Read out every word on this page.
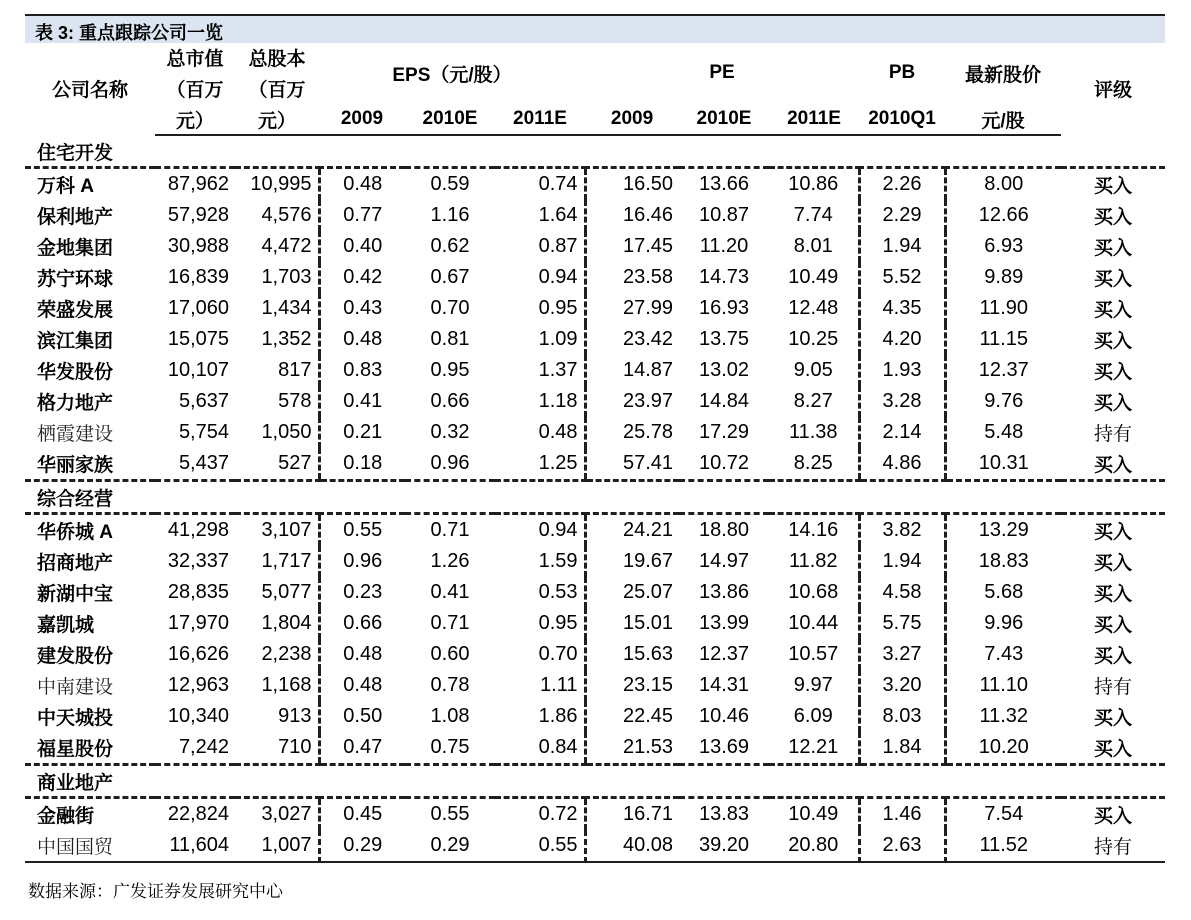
表 3: 重点跟踪公司一览
公司名称	总市值	总股本	EPS（元/股）			PE			PB	最新股价	评级
	（百万	（百万									
	元）	元）	2009	2010E	2011E	2009	2010E	2011E	2010Q1	元/股	
住宅开发											
万科 A	87,962	10,995	0.48	0.59	0.74	16.50	13.66	10.86	2.26	8.00	买入
保利地产	57,928	4,576	0.77	1.16	1.64	16.46	10.87	7.74	2.29	12.66	买入
金地集团	30,988	4,472	0.40	0.62	0.87	17.45	11.20	8.01	1.94	6.93	买入
苏宁环球	16,839	1,703	0.42	0.67	0.94	23.58	14.73	10.49	5.52	9.89	买入
荣盛发展	17,060	1,434	0.43	0.70	0.95	27.99	16.93	12.48	4.35	11.90	买入
滨江集团	15,075	1,352	0.48	0.81	1.09	23.42	13.75	10.25	4.20	11.15	买入
华发股份	10,107	817	0.83	0.95	1.37	14.87	13.02	9.05	1.93	12.37	买入
格力地产	5,637	578	0.41	0.66	1.18	23.97	14.84	8.27	3.28	9.76	买入
栖霞建设	5,754	1,050	0.21	0.32	0.48	25.78	17.29	11.38	2.14	5.48	持有
华丽家族	5,437	527	0.18	0.96	1.25	57.41	10.72	8.25	4.86	10.31	买入
综合经营											
华侨城 A	41,298	3,107	0.55	0.71	0.94	24.21	18.80	14.16	3.82	13.29	买入
招商地产	32,337	1,717	0.96	1.26	1.59	19.67	14.97	11.82	1.94	18.83	买入
新湖中宝	28,835	5,077	0.23	0.41	0.53	25.07	13.86	10.68	4.58	5.68	买入
嘉凯城	17,970	1,804	0.66	0.71	0.95	15.01	13.99	10.44	5.75	9.96	买入
建发股份	16,626	2,238	0.48	0.60	0.70	15.63	12.37	10.57	3.27	7.43	买入
中南建设	12,963	1,168	0.48	0.78	1.11	23.15	14.31	9.97	3.20	11.10	持有
中天城投	10,340	913	0.50	1.08	1.86	22.45	10.46	6.09	8.03	11.32	买入
福星股份	7,242	710	0.47	0.75	0.84	21.53	13.69	12.21	1.84	10.20	买入
商业地产											
金融街	22,824	3,027	0.45	0.55	0.72	16.71	13.83	10.49	1.46	7.54	买入
中国国贸	11,604	1,007	0.29	0.29	0.55	40.08	39.20	20.80	2.63	11.52	持有
数据来源：广发证券发展研究中心
